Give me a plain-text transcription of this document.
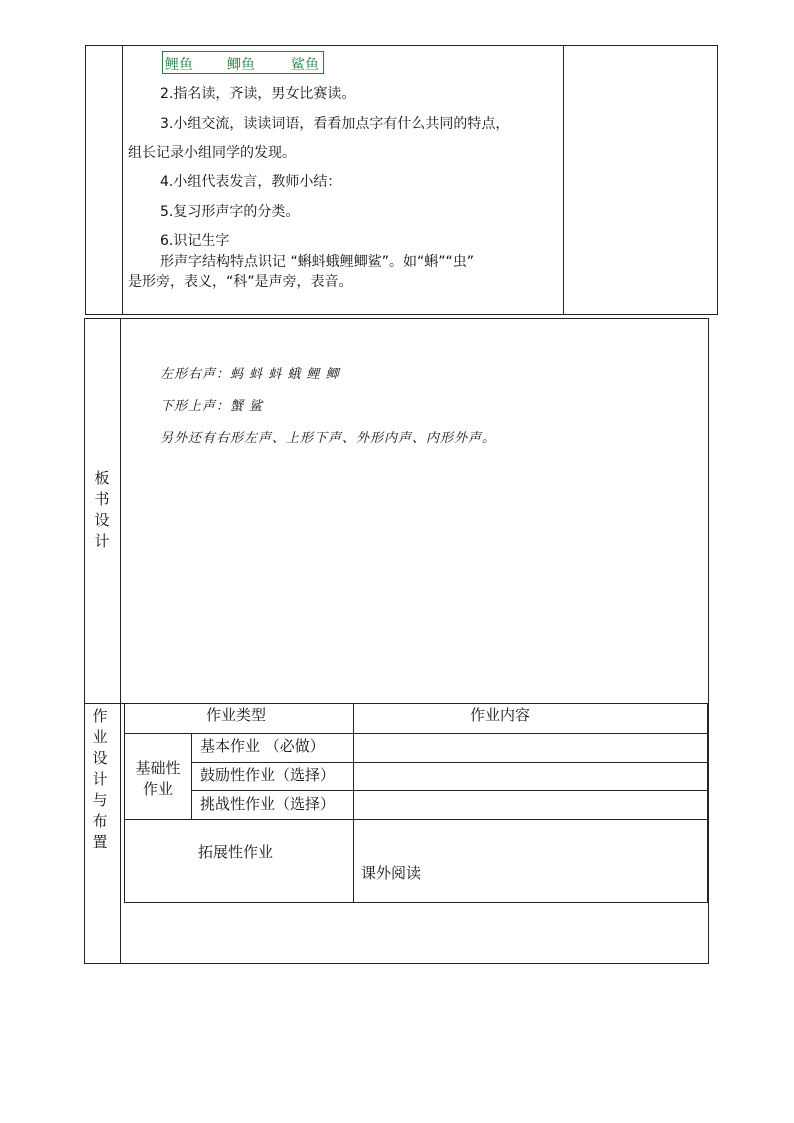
鲤鱼 鲫鱼	鲨鱼
2.指名读，齐读，男女比赛读。
3.小组交流，读读词语，看看加点字有什么共同的特点，
组长记录小组同学的发现。
4.小组代表发言，教师小结：
5.复习形声字的分类。
6.识记生字
形声字结构特点识记 “蝌蚪蛾鲤鲫鲨”。如“蝌”“虫”
是形旁，表义，“科”是声旁，表音。
板书设计
左形右声：蚂 蚪 蚪 蛾 鲤 鲫
下形上声：蟹 鲨
另外还有右形左声、上形下声、外形内声、内形外声。
作业设计与布置
作业类型	作业内容
基础性作业
基本作业 （必做）
鼓励性作业（选择）
挑战性作业（选择）
拓展性作业
课外阅读
